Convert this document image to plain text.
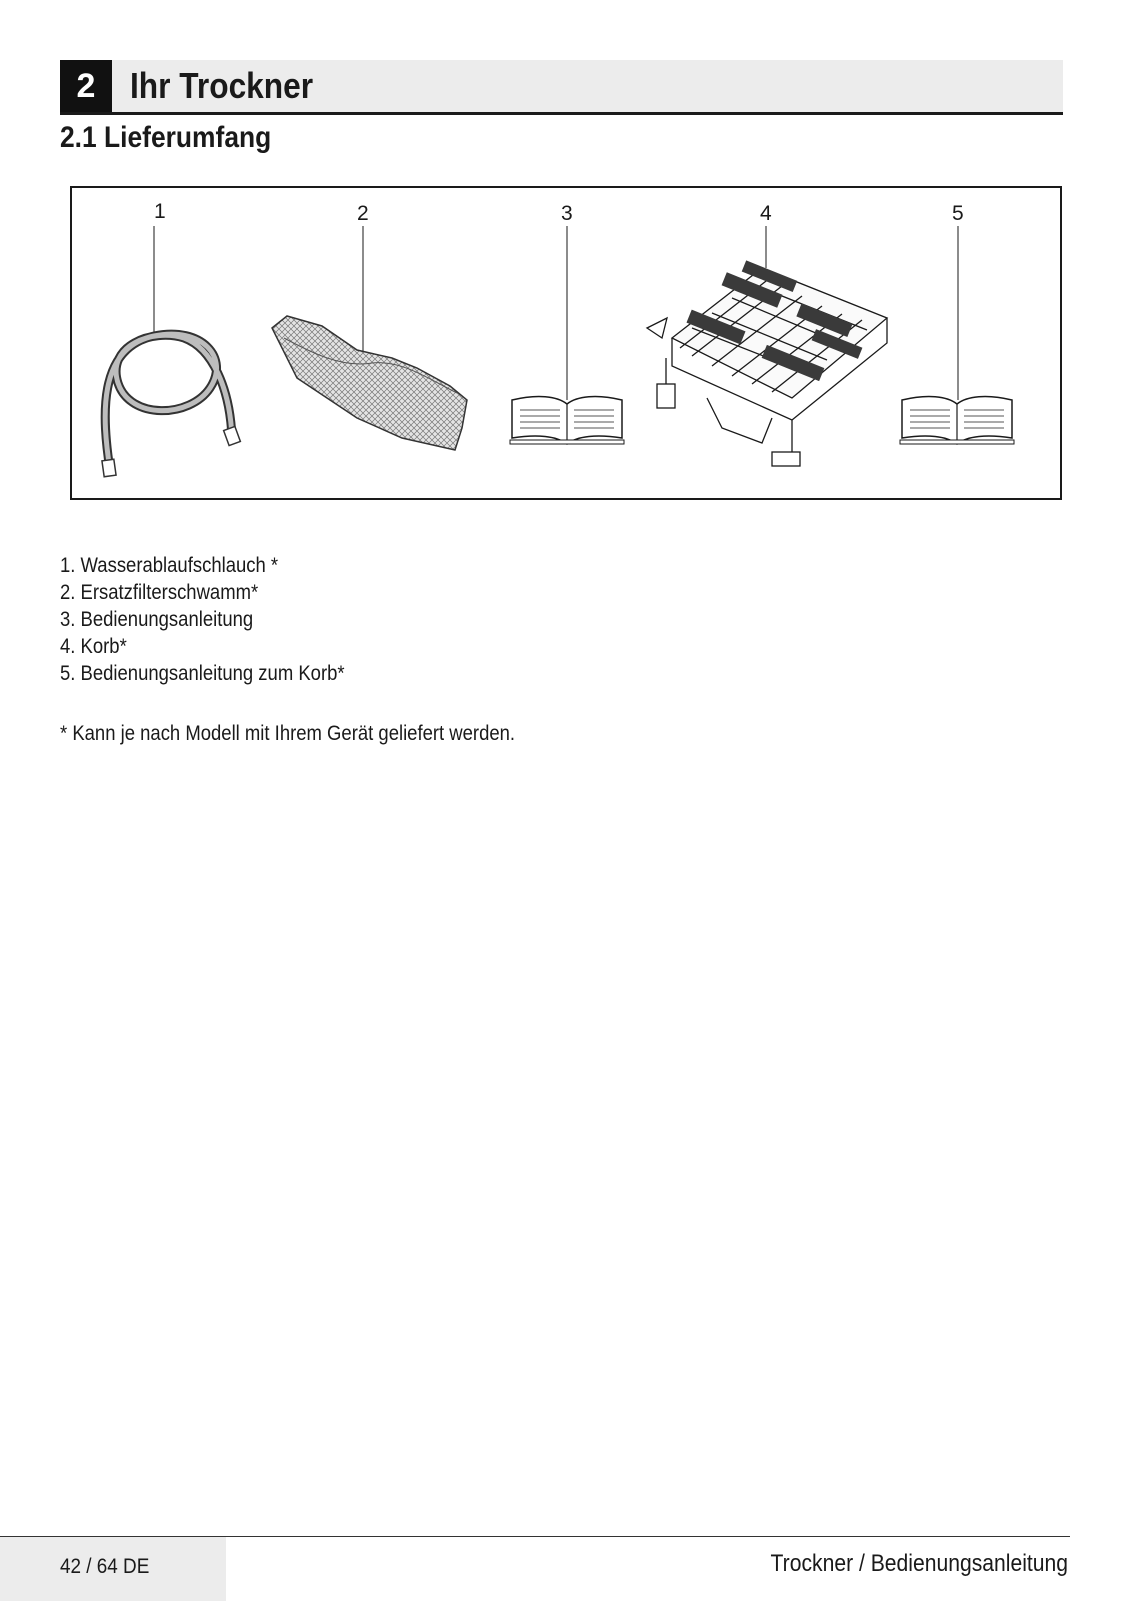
2 Ihr Trockner
2.1 Lieferumfang
1	2	3	4	5
1. Wasserablaufschlauch *
2. Ersatzfilterschwamm*
3. Bedienungsanleitung
4. Korb*
5. Bedienungsanleitung zum Korb*
* Kann je nach Modell mit Ihrem Gerät geliefert werden.
42 / 64 DE	Trockner / Bedienungsanleitung
